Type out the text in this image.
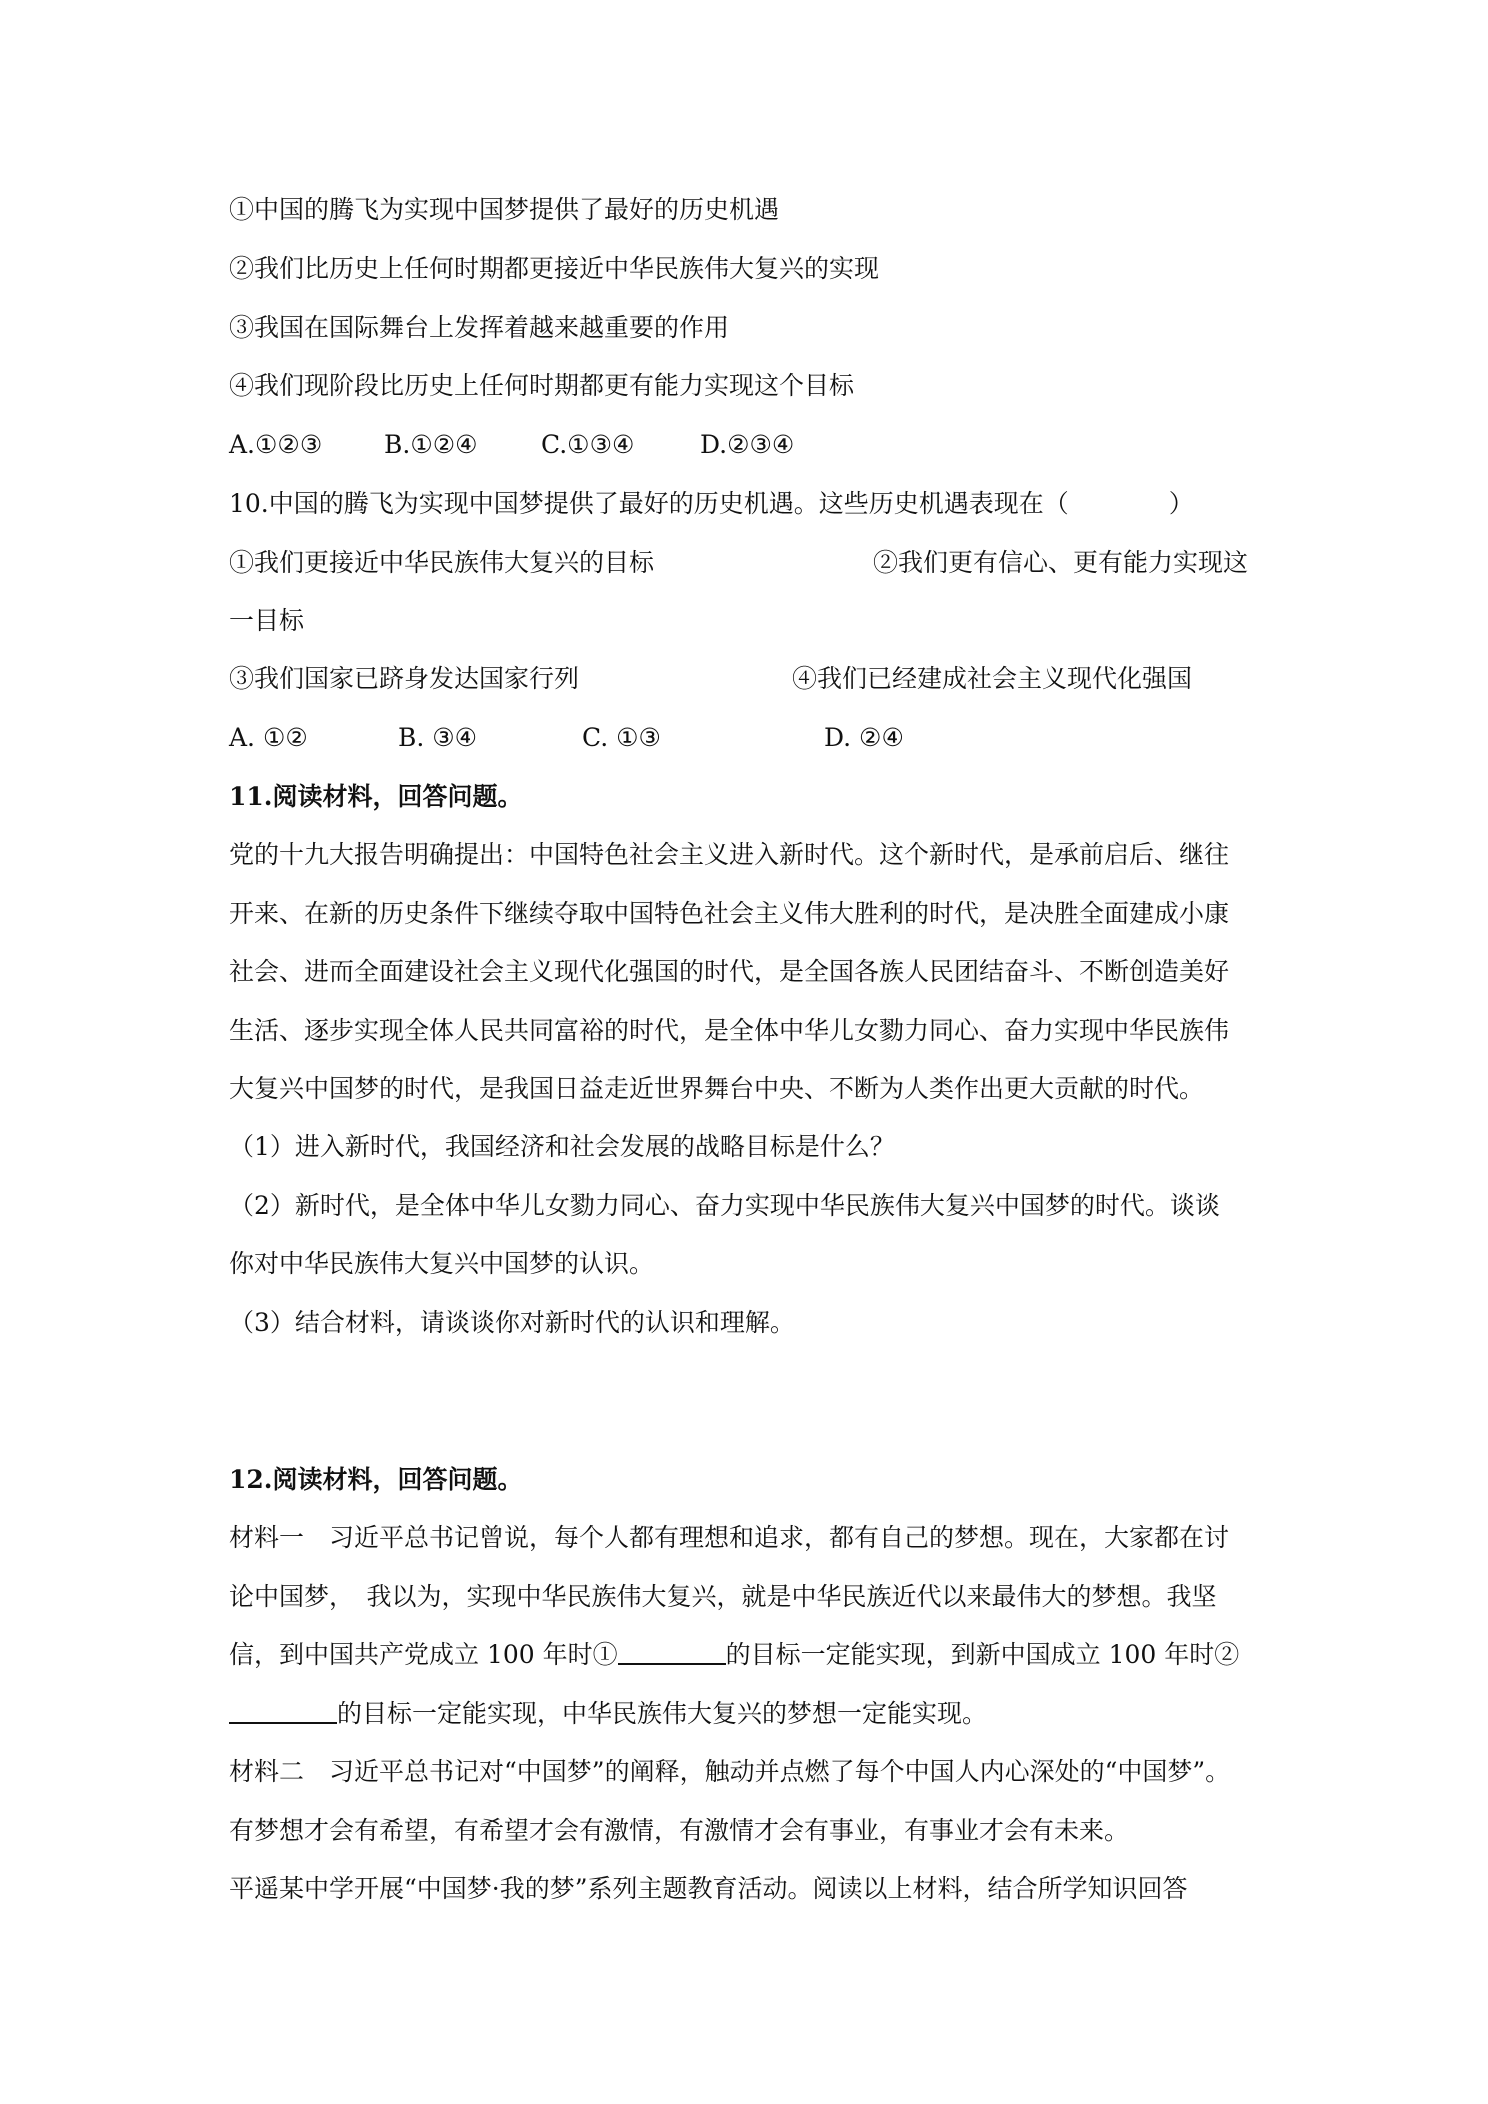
①中国的腾飞为实现中国梦提供了最好的历史机遇
②我们比历史上任何时期都更接近中华民族伟大复兴的实现
③我国在国际舞台上发挥着越来越重要的作用
④我们现阶段比历史上任何时期都更有能力实现这个目标
A.①②③ B.①②④	C.①③④	D.②③④
10.中国的腾飞为实现中国梦提供了最好的历史机遇。这些历史机遇表现在（　　　　）
①我们更接近中华民族伟大复兴的目标	②我们更有信心、更有能力实现这
一目标
③我们国家已跻身发达国家行列	④我们已经建成社会主义现代化强国
A. ①②	B. ③④	C. ①③	D. ②④
11.阅读材料，回答问题。
党的十九大报告明确提出：中国特色社会主义进入新时代。这个新时代，是承前启后、继往
开来、在新的历史条件下继续夺取中国特色社会主义伟大胜利的时代，是决胜全面建成小康
社会、进而全面建设社会主义现代化强国的时代，是全国各族人民团结奋斗、不断创造美好
生活、逐步实现全体人民共同富裕的时代，是全体中华儿女勠力同心、奋力实现中华民族伟
大复兴中国梦的时代，是我国日益走近世界舞台中央、不断为人类作出更大贡献的时代。
（1）进入新时代，我国经济和社会发展的战略目标是什么？
（2）新时代，是全体中华儿女勠力同心、奋力实现中华民族伟大复兴中国梦的时代。谈谈
你对中华民族伟大复兴中国梦的认识。
（3）结合材料，请谈谈你对新时代的认识和理解。
12.阅读材料，回答问题。
材料一　习近平总书记曾说，每个人都有理想和追求，都有自己的梦想。现在，大家都在讨
论中国梦，　我以为，实现中华民族伟大复兴，就是中华民族近代以来最伟大的梦想。我坚
信，到中国共产党成立 100 年时①	的目标一定能实现，到新中国成立 100 年时②
的目标一定能实现，中华民族伟大复兴的梦想一定能实现。
材料二　习近平总书记对“中国梦”的阐释，触动并点燃了每个中国人内心深处的“中国梦”。
有梦想才会有希望，有希望才会有激情，有激情才会有事业，有事业才会有未来。
平遥某中学开展“中国梦·我的梦”系列主题教育活动。阅读以上材料，结合所学知识回答
